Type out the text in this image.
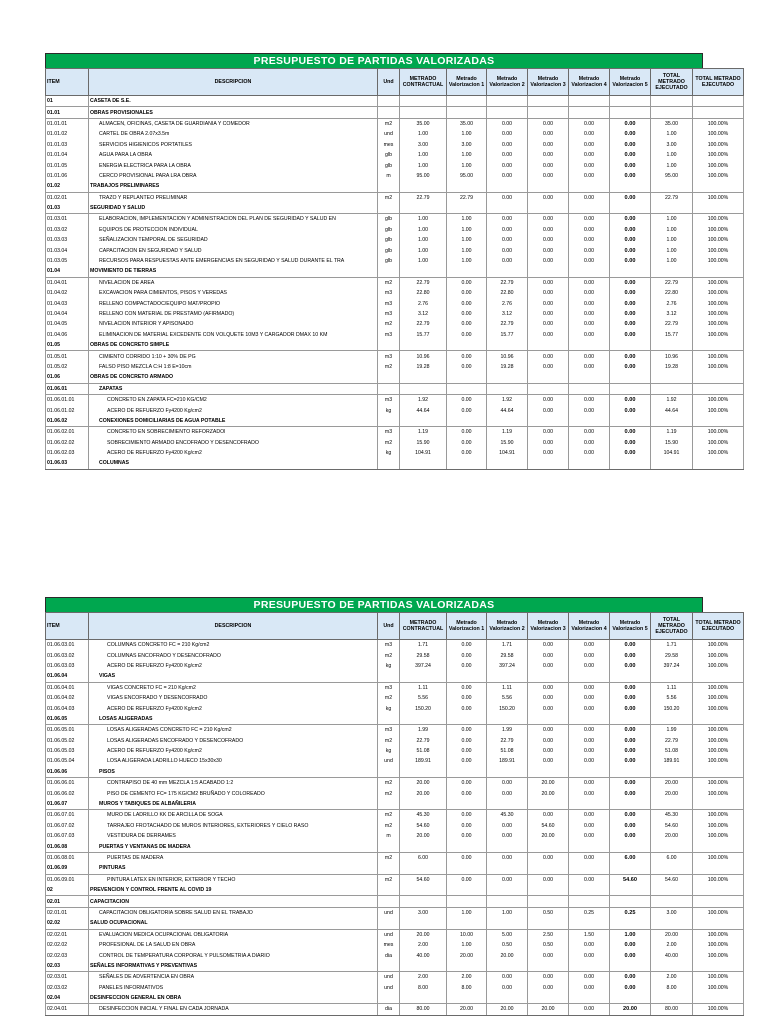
PRESUPUESTO DE PARTIDAS VALORIZADAS
ITEM	DESCRIPCION	Und	METRADO CONTRACTUAL	Metrado Valorizacion 1	Metrado Valorizacion 2	Metrado Valorizacion 3	Metrado Valorizacion 4	Metrado Valorizacion 5	TOTAL METRADO EJECUTADO	TOTAL METRADO EJECUTADO
01	CASETA DE S.E.									
01.01	OBRAS PROVISIONALES									
01.01.01	ALMACEN, OFICINAS, CASETA DE GUARDIANIA Y COMEDOR	m2	35.00	35.00	0.00	0.00	0.00	0.00	35.00	100.00%
01.01.02	CARTEL DE OBRA 2.07x3.5m	und	1.00	1.00	0.00	0.00	0.00	0.00	1.00	100.00%
01.01.03	SERVICIOS HIGIENICOS PORTATILES	mes	3.00	3.00	0.00	0.00	0.00	0.00	3.00	100.00%
01.01.04	AGUA PARA LA OBRA	glb	1.00	1.00	0.00	0.00	0.00	0.00	1.00	100.00%
01.01.05	ENERGIA ELECTRICA PARA LA OBRA	glb	1.00	1.00	0.00	0.00	0.00	0.00	1.00	100.00%
01.01.06	CERCO PROVISIONAL PARA LRA OBRA	m	95.00	95.00	0.00	0.00	0.00	0.00	95.00	100.00%
01.02	TRABAJOS PRELIMINARES									
01.02.01	TRAZO Y REPLANTEO PRELIMINAR	m2	22.79	22.79	0.00	0.00	0.00	0.00	22.79	100.00%
01.03	SEGURIDAD Y SALUD									
01.03.01	ELABORACION, IMPLEMENTACION Y ADMINISTRACION DEL PLAN DE SEGURIDAD Y SALUD EN	glb	1.00	1.00	0.00	0.00	0.00	0.00	1.00	100.00%
01.03.02	EQUIPOS DE PROTECCION INDIVIDUAL	glb	1.00	1.00	0.00	0.00	0.00	0.00	1.00	100.00%
01.03.03	SEÑALIZACION TEMPORAL DE SEGURIDAD	glb	1.00	1.00	0.00	0.00	0.00	0.00	1.00	100.00%
01.03.04	CAPACITACION EN SEGURIDAD Y SALUD	glb	1.00	1.00	0.00	0.00	0.00	0.00	1.00	100.00%
01.03.05	RECURSOS PARA RESPUESTAS ANTE EMERGENCIAS EN SEGURIDAD Y SALUD DURANTE EL TRA	glb	1.00	1.00	0.00	0.00	0.00	0.00	1.00	100.00%
01.04	MOVIMIENTO DE TIERRAS									
01.04.01	NIVELACION DE AREA	m2	22.79	0.00	22.79	0.00	0.00	0.00	22.79	100.00%
01.04.02	EXCAVACION PARA CIMIENTOS, PISOS Y VEREDAS	m3	22.80	0.00	22.80	0.00	0.00	0.00	22.80	100.00%
01.04.03	RELLENO COMPACTADOC/EQUIPO MAT/PROPIO	m3	2.76	0.00	2.76	0.00	0.00	0.00	2.76	100.00%
01.04.04	RELLENO CON MATERIAL DE PRESTAMO (AFIRMADO)	m3	3.12	0.00	3.12	0.00	0.00	0.00	3.12	100.00%
01.04.05	NIVELACION INTERIOR Y APISONADO	m2	22.79	0.00	22.79	0.00	0.00	0.00	22.79	100.00%
01.04.06	ELIMINACION DE MATERIAL EXCEDENTE CON VOLQUETE 10M3 Y CARGADOR DMAX 10 KM	m3	15.77	0.00	15.77	0.00	0.00	0.00	15.77	100.00%
01.05	OBRAS DE CONCRETO SIMPLE									
01.05.01	CIMIENTO CORRIDO 1:10 + 30% DE PG	m3	10.96	0.00	10.96	0.00	0.00	0.00	10.96	100.00%
01.05.02	FALSO PISO MEZCLA C:H 1:8 E=10cm	m2	19.28	0.00	19.28	0.00	0.00	0.00	19.28	100.00%
01.06	OBRAS DE CONCRETO ARMADO									
01.06.01	ZAPATAS									
01.06.01.01	CONCRETO EN ZAPATA FC=210 KG/CM2	m3	1.92	0.00	1.92	0.00	0.00	0.00	1.92	100.00%
01.06.01.02	ACERO DE REFUERZO Fy4200 Kg/cm2	kg	44.64	0.00	44.64	0.00	0.00	0.00	44.64	100.00%
01.06.02	CONEXIONES DOMICILIARIAS DE AGUA POTABLE									
01.06.02.01	CONCRETO EN SOBRECIMIENTO REFORZADOl	m3	1.19	0.00	1.19	0.00	0.00	0.00	1.19	100.00%
01.06.02.02	SOBRECIMIENTO ARMADO ENCOFRADO Y DESENCOFRADO	m2	15.90	0.00	15.90	0.00	0.00	0.00	15.90	100.00%
01.06.02.03	ACERO DE REFUERZO Fy4200 Kg/cm2	kg	104.91	0.00	104.91	0.00	0.00	0.00	104.91	100.00%
01.06.03	COLUMNAS									
PRESUPUESTO DE PARTIDAS VALORIZADAS
ITEM	DESCRIPCION	Und	METRADO CONTRACTUAL	Metrado Valorizacion 1	Metrado Valorizacion 2	Metrado Valorizacion 3	Metrado Valorizacion 4	Metrado Valorizacion 5	TOTAL METRADO EJECUTADO	TOTAL METRADO EJECUTADO
01.06.03.01	COLUMNAS CONCRETO FC = 210 Kg/cm2	m3	1.71	0.00	1.71	0.00	0.00	0.00	1.71	100.00%
01.06.03.02	COLUMNAS ENCOFRADO Y DESENCOFRADO	m2	29.58	0.00	29.58	0.00	0.00	0.00	29.58	100.00%
01.06.03.03	ACERO DE REFUERZO Fy4200 Kg/cm2	kg	397.24	0.00	397.24	0.00	0.00	0.00	397.24	100.00%
01.06.04	VIGAS									
01.06.04.01	VIGAS CONCRETO FC = 210 Kg/cm2	m3	1.11	0.00	1.11	0.00	0.00	0.00	1.11	100.00%
01.06.04.02	VIGAS ENCOFRADO Y DESENCOFRADO	m2	5.56	0.00	5.56	0.00	0.00	0.00	5.56	100.00%
01.06.04.03	ACERO DE REFUERZO Fy4200 Kg/cm2	kg	150.20	0.00	150.20	0.00	0.00	0.00	150.20	100.00%
01.06.05	LOSAS ALIGERADAS									
01.06.05.01	LOSAS ALIGERADAS CONCRETO FC = 210 Kg/cm2	m3	1.99	0.00	1.99	0.00	0.00	0.00	1.99	100.00%
01.06.05.02	LOSAS ALIGERADAS ENCOFRADO Y DESENCOFRADO	m2	22.79	0.00	22.79	0.00	0.00	0.00	22.79	100.00%
01.06.05.03	ACERO DE REFUERZO Fy4200 Kg/cm2	kg	51.08	0.00	51.08	0.00	0.00	0.00	51.08	100.00%
01.06.05.04	LOSA ALIGERADA LADRILLO HUECO 15x30x30	und	189.91	0.00	189.91	0.00	0.00	0.00	189.91	100.00%
01.06.06	PISOS									
01.06.06.01	CONTRAPISO DE 40 mm MEZCLA 1:5 ACABADO 1:2	m2	20.00	0.00	0.00	20.00	0.00	0.00	20.00	100.00%
01.06.06.02	PISO DE CEMENTO FC= 175 KG/CM2 BRUÑADO Y COLOREADO	m2	20.00	0.00	0.00	20.00	0.00	0.00	20.00	100.00%
01.06.07	MUROS Y TABIQUES DE ALBAÑILERIA									
01.06.07.01	MURO DE LADRILLO KK DE ARCILLA DE SOGA	m2	45.30	0.00	45.30	0.00	0.00	0.00	45.30	100.00%
01.06.07.02	TARRAJEO FROTACHADO DE MUROS INTERIORES, EXTERIORES Y CIELO RASO	m2	54.60	0.00	0.00	54.60	0.00	0.00	54.60	100.00%
01.06.07.03	VESTIDURA DE DERRAMES	m	20.00	0.00	0.00	20.00	0.00	0.00	20.00	100.00%
01.06.08	PUERTAS Y VENTANAS DE MADERA									
01.06.08.01	PUERTAS DE MADERA	m2	6.00	0.00	0.00	0.00	0.00	6.00	6.00	100.00%
01.06.09	PINTURAS									
01.06.09.01	PINTURA LATEX EN INTERIOR, EXTERIOR Y TECHO	m2	54.60	0.00	0.00	0.00	0.00	54.60	54.60	100.00%
02	PREVENCION Y CONTROL FRENTE AL COVID 19									
02.01	CAPACITACION									
02.01.01	CAPACITACION OBLIGATORIA SOBRE SALUD EN EL TRABAJO	und	3.00	1.00	1.00	0.50	0.25	0.25	3.00	100.00%
02.02	SALUD OCUPACIONAL									
02.02.01	EVALUACION MEDICA OCUPACIONAL OBLIGATORIA	und	20.00	10.00	5.00	2.50	1.50	1.00	20.00	100.00%
02.02.02	PROFESIONAL DE LA SALUD EN OBRA	mes	2.00	1.00	0.50	0.50	0.00	0.00	2.00	100.00%
02.02.03	CONTROL DE TEMPERATURA CORPORAL Y PULSOMETRIA A DIARIO	dia	40.00	20.00	20.00	0.00	0.00	0.00	40.00	100.00%
02.03	SEÑALES INFORMATIVAS Y PREVENTIVAS									
02.03.01	SEÑALES DE ADVERTENCIA EN OBRA	und	2.00	2.00	0.00	0.00	0.00	0.00	2.00	100.00%
02.03.02	PANELES INFORMATIVOS	und	8.00	8.00	0.00	0.00	0.00	0.00	8.00	100.00%
02.04	DESINFECCION GENERAL EN OBRA									
02.04.01	DESINFECCION INICIAL Y FINAL EN CADA JORNADA	dia	80.00	20.00	20.00	20.00	0.00	20.00	80.00	100.00%
